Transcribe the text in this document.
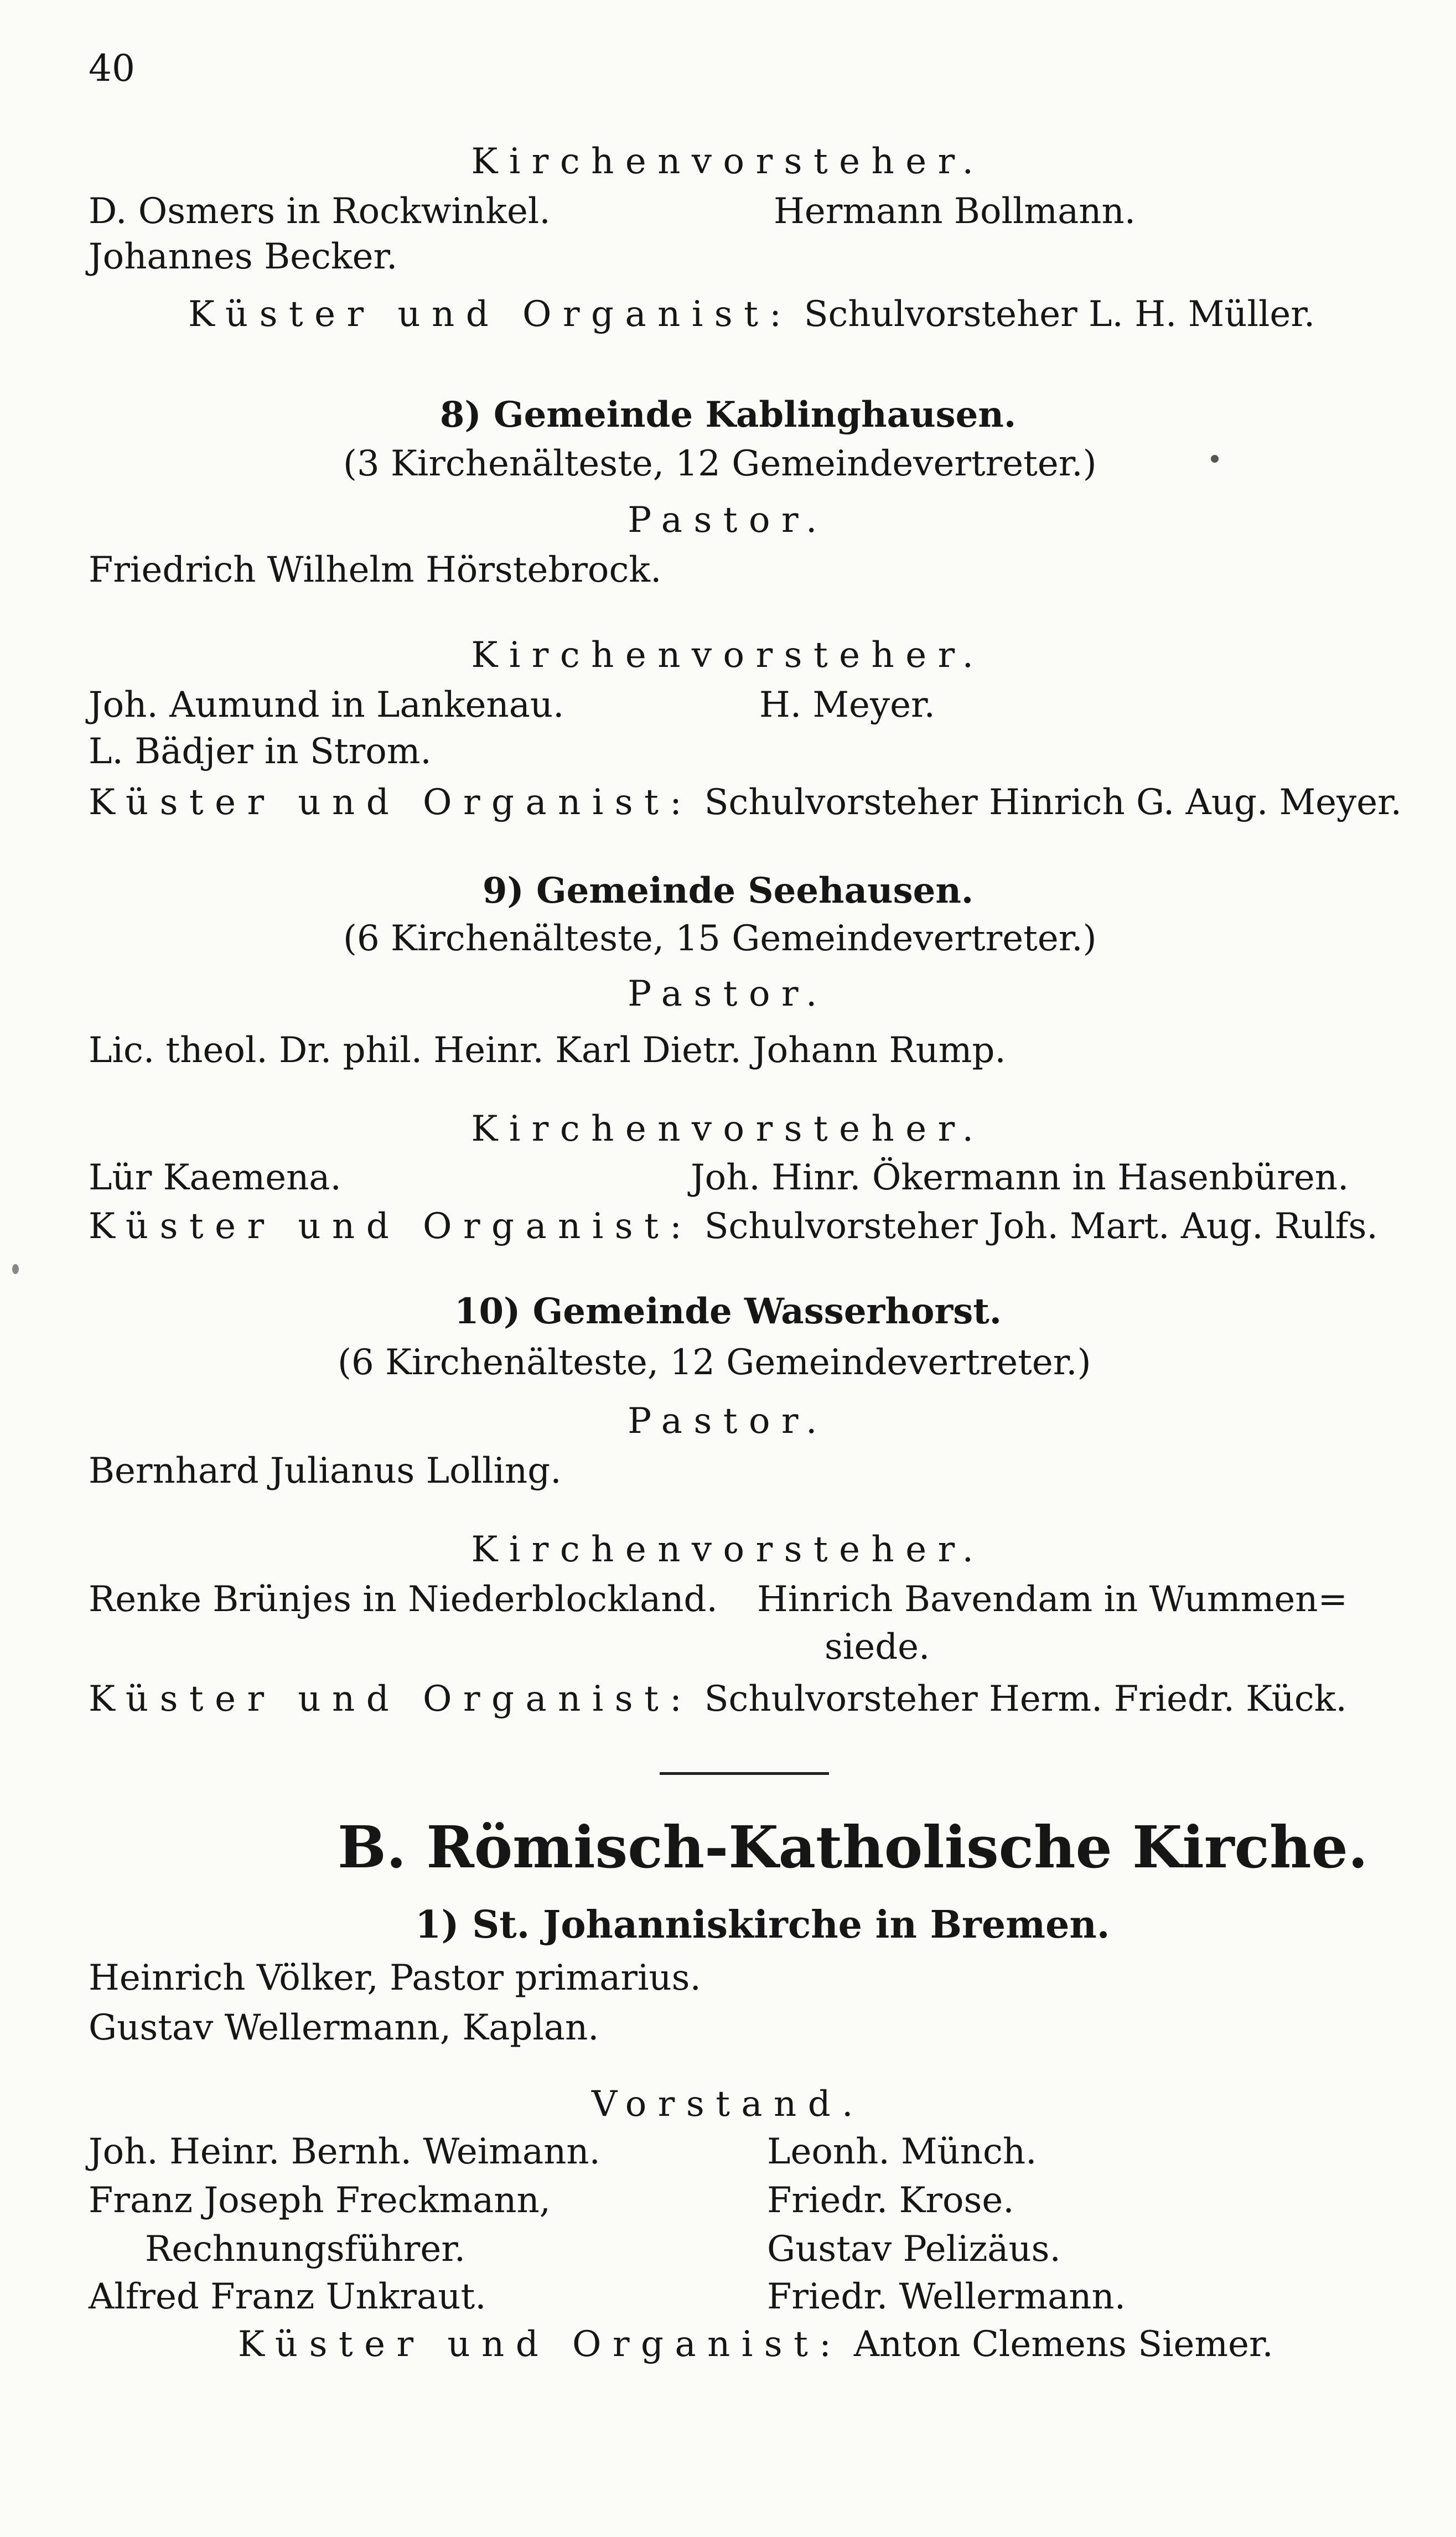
40
Kirchenvorsteher.
D. Osmers in Rockwinkel.	Hermann Bollmann.
Johannes Becker.
Küster und Organist: Schulvorsteher L. H. Müller.
8) Gemeinde Kablinghausen.
(3 Kirchenälteste, 12 Gemeindevertreter.)
Pastor.
Friedrich Wilhelm Hörstebrock.
Kirchenvorsteher.
Joh. Aumund in Lankenau.	H. Meyer.
L. Bädjer in Strom.
Küster und Organist: Schulvorsteher Hinrich G. Aug. Meyer.
9) Gemeinde Seehausen.
(6 Kirchenälteste, 15 Gemeindevertreter.)
Pastor.
Lic. theol. Dr. phil. Heinr. Karl Dietr. Johann Rump.
Kirchenvorsteher.
Lür Kaemena.	Joh. Hinr. Ökermann in Hasenbüren.
Küster und Organist: Schulvorsteher Joh. Mart. Aug. Rulfs.
10) Gemeinde Wasserhorst.
(6 Kirchenälteste, 12 Gemeindevertreter.)
Pastor.
Bernhard Julianus Lolling.
Kirchenvorsteher.
Renke Brünjes in Niederblockland. Hinrich Bavendam in Wummen=
siede.
Küster und Organist: Schulvorsteher Herm. Friedr. Kück.
B. Römisch-Katholische Kirche.
1) St. Johanniskirche in Bremen.
Heinrich Völker, Pastor primarius.
Gustav Wellermann, Kaplan.
Vorstand.
Joh. Heinr. Bernh. Weimann.	Leonh. Münch.
Franz Joseph Freckmann,	Friedr. Krose.
Rechnungsführer.	Gustav Pelizäus.
Alfred Franz Unkraut.	Friedr. Wellermann.
Küster und Organist: Anton Clemens Siemer.
